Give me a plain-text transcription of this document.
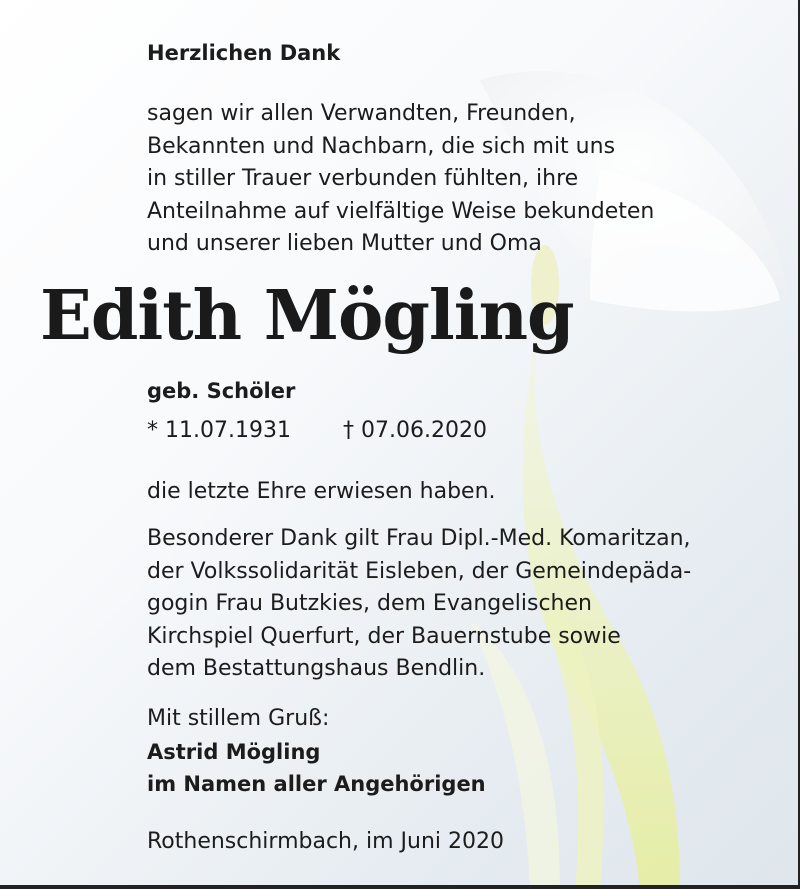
Herzlichen Dank

sagen wir allen Verwandten, Freunden,
Bekannten und Nachbarn, die sich mit uns
in stiller Trauer verbunden fühlten, ihre
Anteilnahme auf vielfältige Weise bekundeten
und unserer lieben Mutter und Oma
Edith Mögling

geb. Schöler

* 11.07.1931 † 07.06.2020

die letzte Ehre erwiesen haben.

Besonderer Dank gilt Frau Dipl.-Med. Komaritzan,
der Volkssolidarität Eisleben, der Gemeindepäda-
gogin Frau Butzkies, dem Evangelischen
Kirchspiel Querfurt, der Bauernstube sowie
dem Bestattungshaus Bendlin.

Mit stillem Gruß:

Astrid Mögling

im Namen aller Angehörigen

Rothenschirmbach, im Juni 2020
